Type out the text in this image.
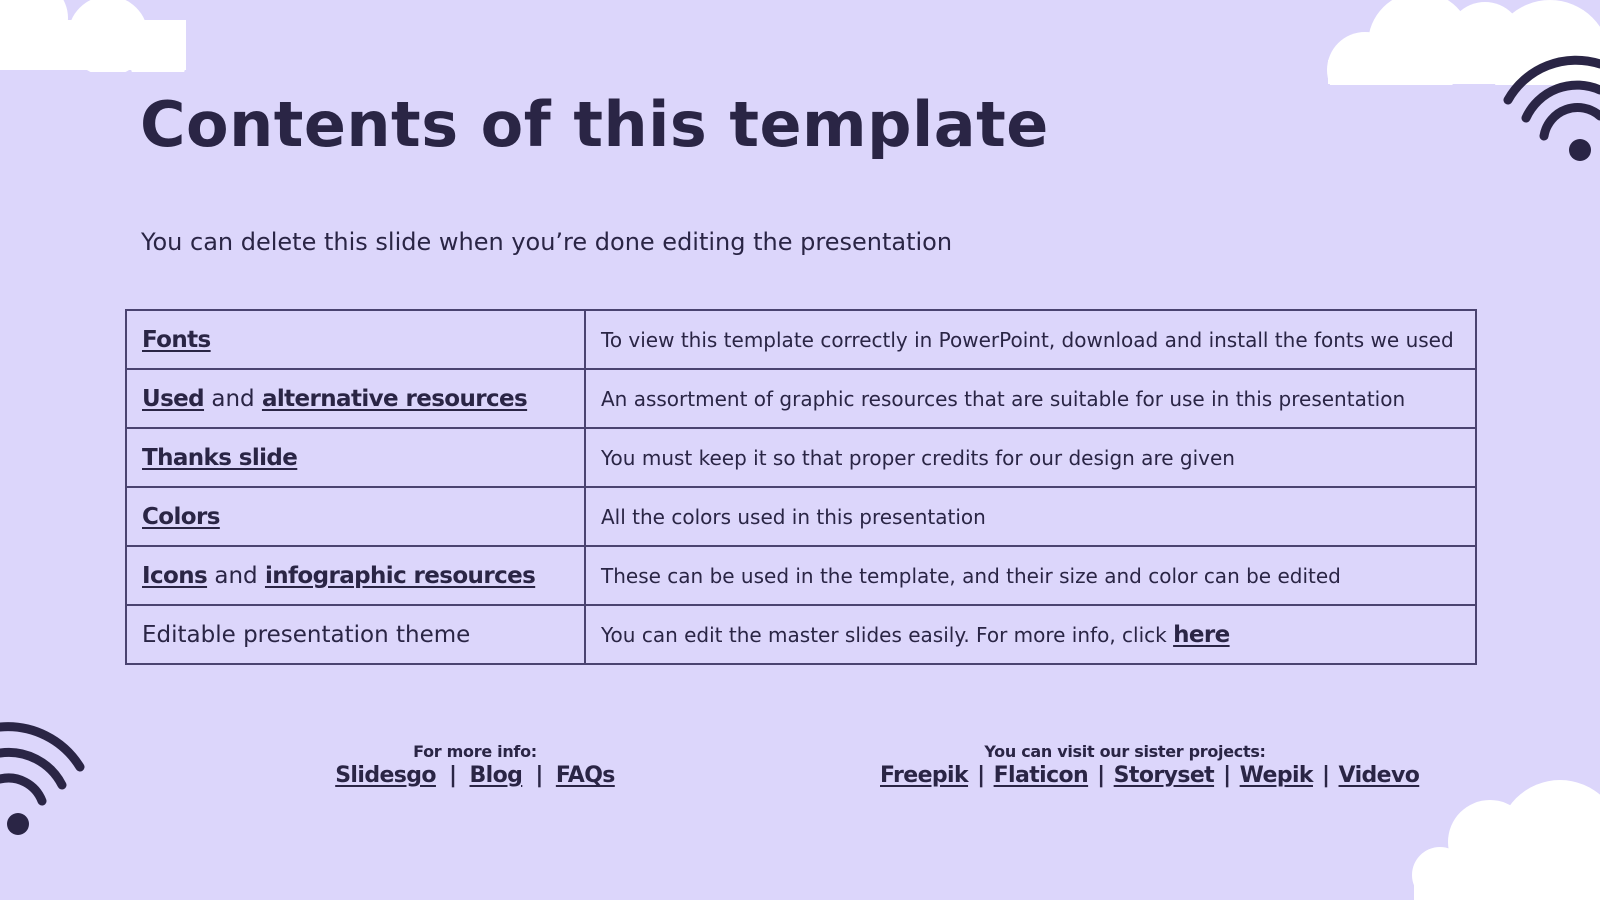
Contents of this template

You can delete this slide when you’re done editing the presentation

Fonts	To view this template correctly in PowerPoint, download and install the fonts we used
Used and alternative resources	An assortment of graphic resources that are suitable for use in this presentation
Thanks slide	You must keep it so that proper credits for our design are given
Colors	All the colors used in this presentation
Icons and infographic resources	These can be used in the template, and their size and color can be edited
Editable presentation theme	You can edit the master slides easily. For more info, click here
For more info:
Slidesgo | Blog | FAQs
You can visit our sister projects:
Freepik | Flaticon | Storyset | Wepik | Videvo
